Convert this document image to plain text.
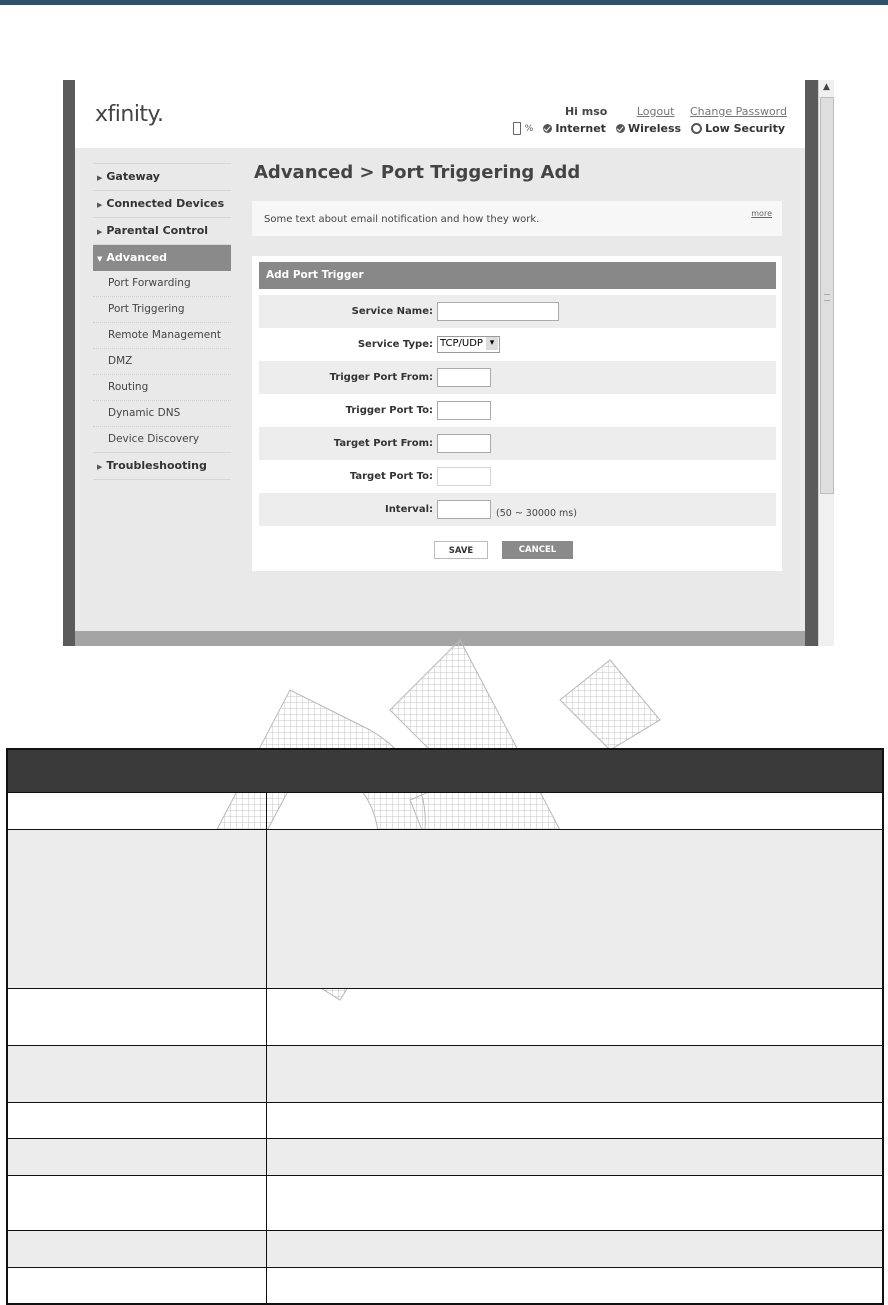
xfinity.	Hi mso	Logout Change Password
% Internet Wireless Low Security
▶ Gateway
▶ Connected Devices
▶ Parental Control
▼ Advanced
Port Forwarding
Port Triggering
Remote Management
DMZ
Routing
Dynamic DNS
Device Discovery
▶ Troubleshooting
Advanced > Port Triggering Add
Some text about email notification and how they work.
more
Add Port Trigger
Service Name:
Service Type: TCP/UDP ▾
Trigger Port From:
Trigger Port To:
Target Port From:
Target Port To:
Interval:	(50 ~ 30000 ms)
SAVE	CANCEL
▲
